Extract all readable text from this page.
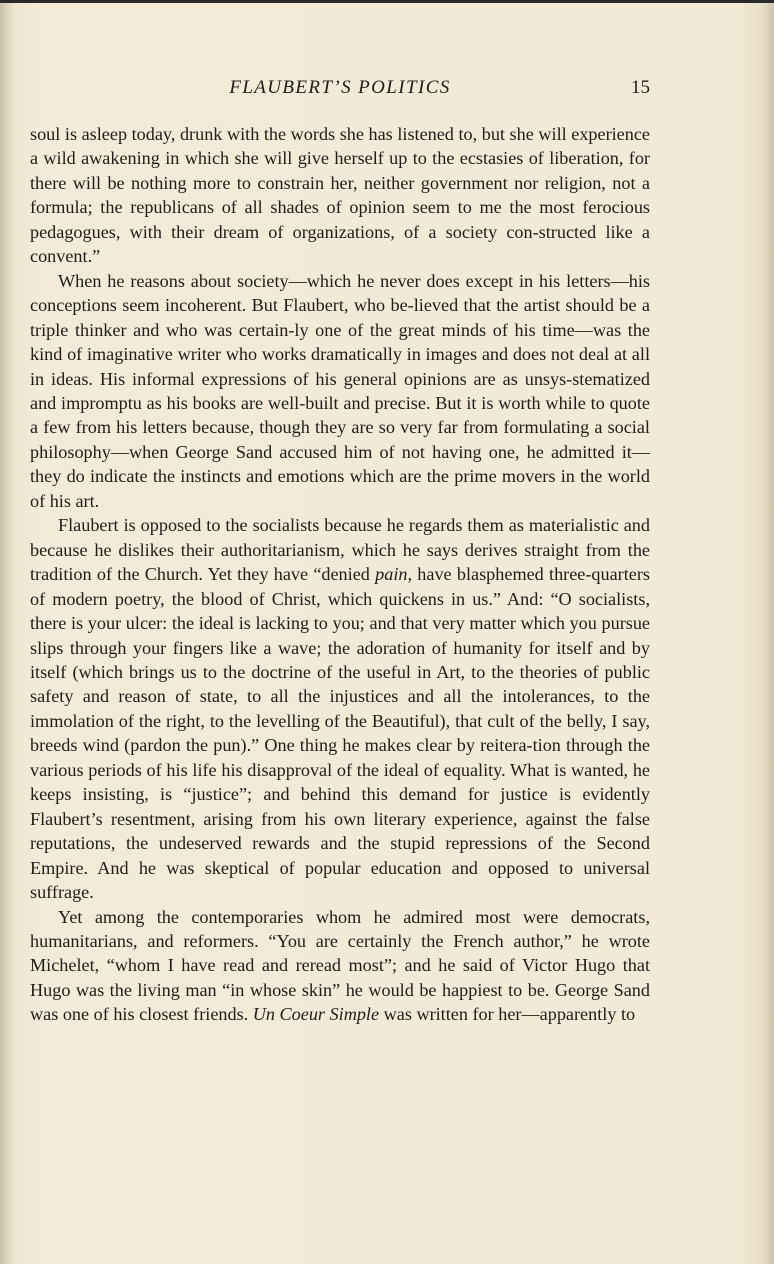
FLAUBERT’S POLITICS	15

soul is asleep today, drunk with the words she has listened to, but she will experience a wild awakening in which she will give herself up to the ecstasies of liberation, for there will be nothing more to constrain her, neither government nor religion, not a formula; the republicans of all shades of opinion seem to me the most ferocious pedagogues, with their dream of organizations, of a society con-structed like a convent.”

When he reasons about society—which he never does except in his letters—his conceptions seem incoherent. But Flaubert, who be-lieved that the artist should be a triple thinker and who was certain-ly one of the great minds of his time—was the kind of imaginative writer who works dramatically in images and does not deal at all in ideas. His informal expressions of his general opinions are as unsys-stematized and impromptu as his books are well-built and precise. But it is worth while to quote a few from his letters because, though they are so very far from formulating a social philosophy—when George Sand accused him of not having one, he admitted it—they do indicate the instincts and emotions which are the prime movers in the world of his art.

Flaubert is opposed to the socialists because he regards them as materialistic and because he dislikes their authoritarianism, which he says derives straight from the tradition of the Church. Yet they have “denied pain, have blasphemed three-quarters of modern poetry, the blood of Christ, which quickens in us.” And: “O socialists, there is your ulcer: the ideal is lacking to you; and that very matter which you pursue slips through your fingers like a wave; the adoration of humanity for itself and by itself (which brings us to the doctrine of the useful in Art, to the theories of public safety and reason of state, to all the injustices and all the intolerances, to the immolation of the right, to the levelling of the Beautiful), that cult of the belly, I say, breeds wind (pardon the pun).” One thing he makes clear by reitera-tion through the various periods of his life his disapproval of the ideal of equality. What is wanted, he keeps insisting, is “justice”; and behind this demand for justice is evidently Flaubert’s resentment, arising from his own literary experience, against the false reputations, the undeserved rewards and the stupid repressions of the Second Empire. And he was skeptical of popular education and opposed to universal suffrage.

Yet among the contemporaries whom he admired most were democrats, humanitarians, and reformers. “You are certainly the French author,” he wrote Michelet, “whom I have read and reread most”; and he said of Victor Hugo that Hugo was the living man “in whose skin” he would be happiest to be. George Sand was one of his closest friends. Un Coeur Simple was written for her—apparently to
